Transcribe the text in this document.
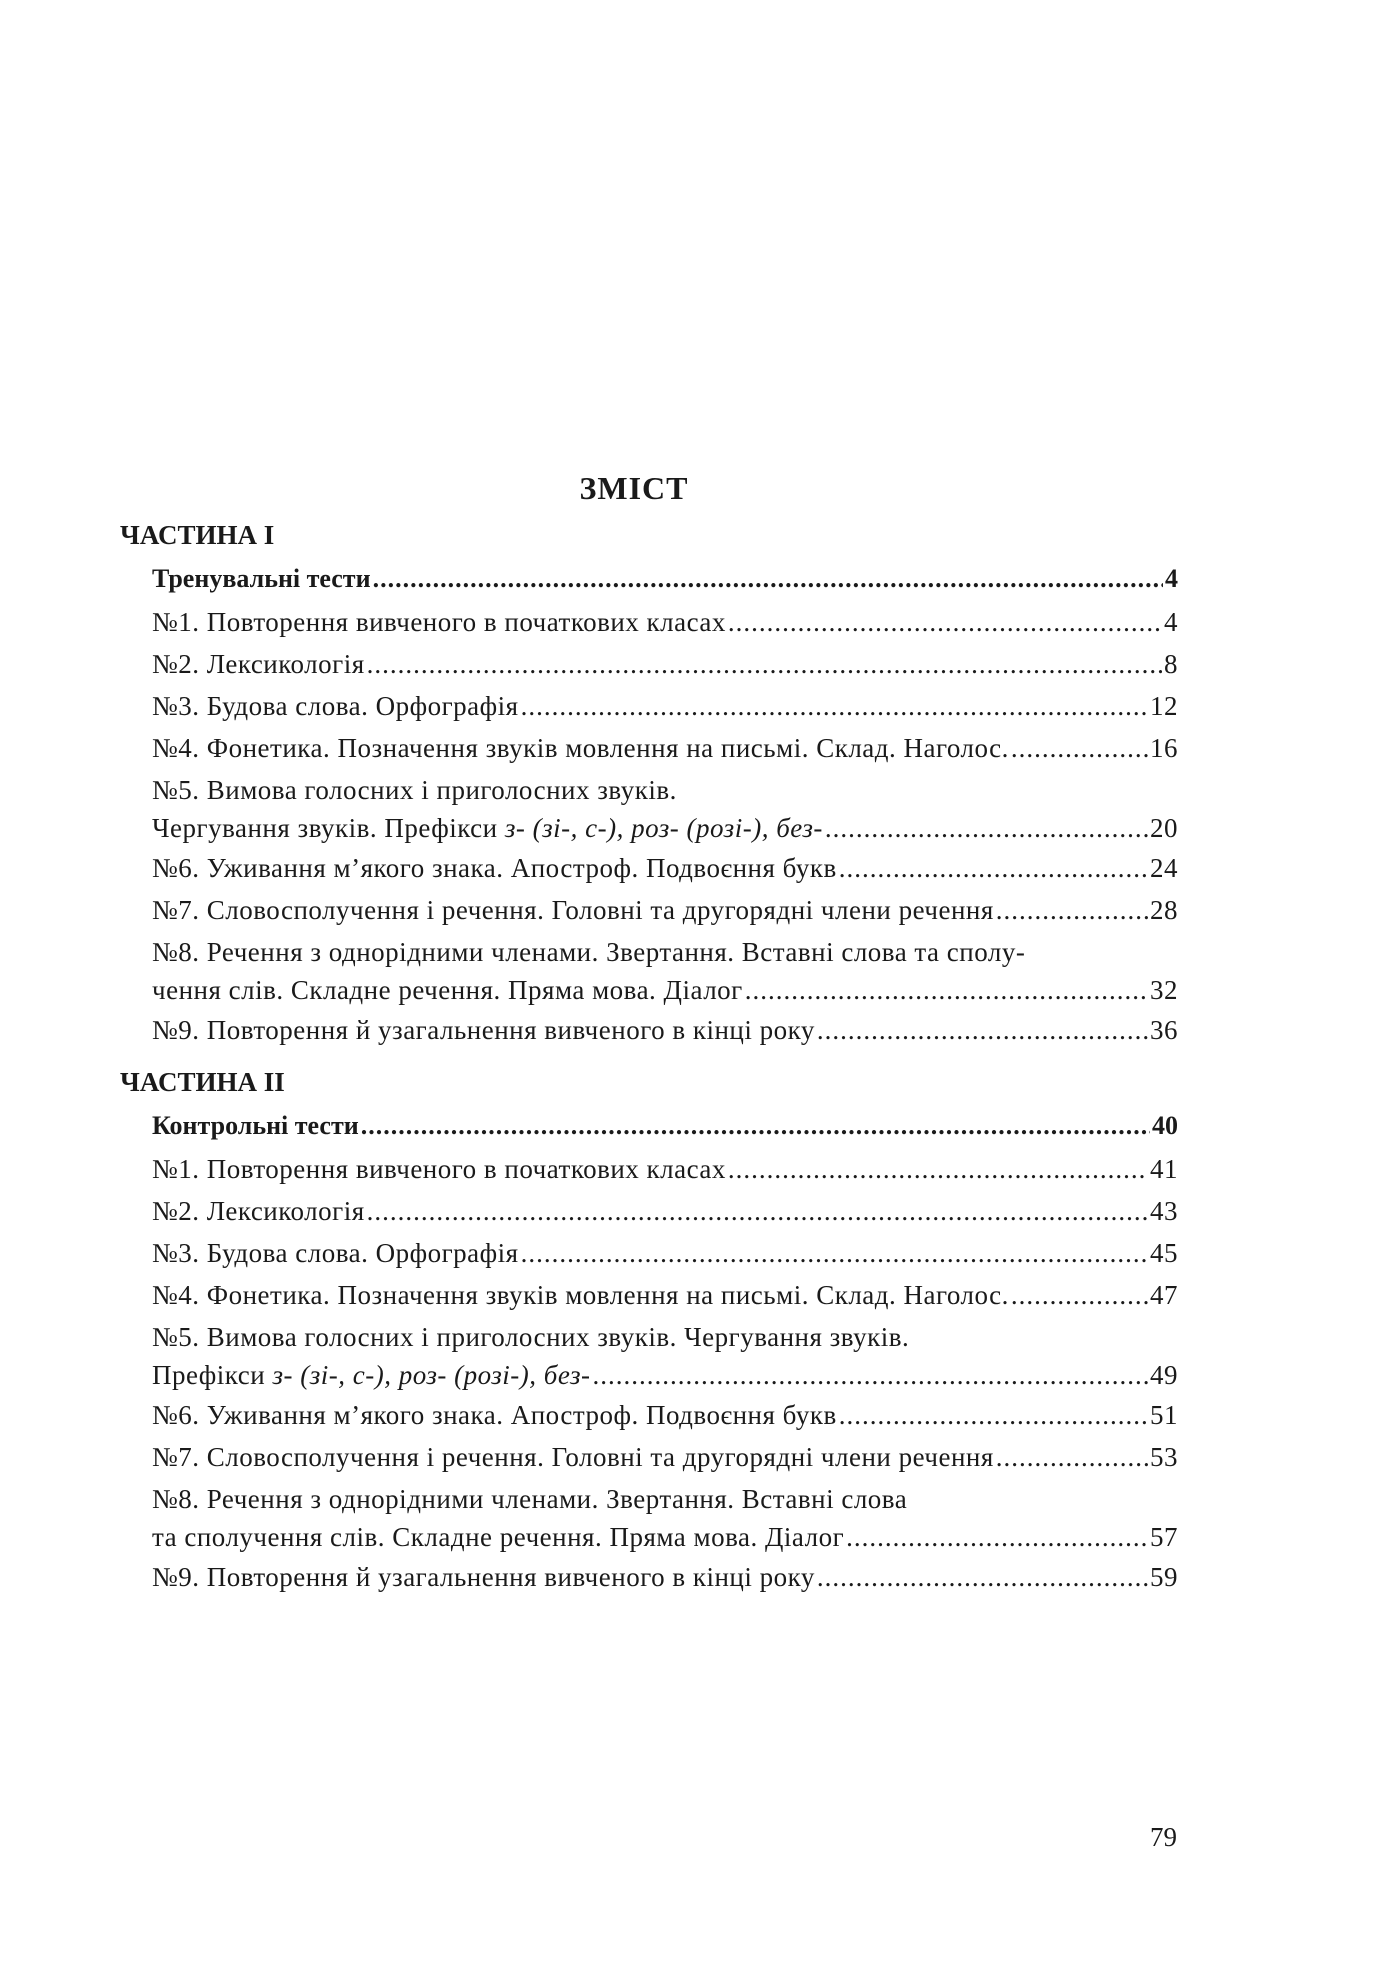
ЗМІСТ
ЧАСТИНА І
Тренувальні тести .....	4
№1. Повторення вивченого в початкових класах .....	4
№2. Лексикологія .....	8
№3. Будова слова. Орфографія .....	12
№4. Фонетика. Позначення звуків мовлення на письмі. Склад. Наголос. .....	16
№5. Вимова голосних і приголосних звуків.
Чергування звуків. Префікси з- (зі-, с-), роз- (розі-), без- .....	20
№6. Уживання м’якого знака. Апостроф. Подвоєння букв .....	24
№7. Словосполучення і речення. Головні та другорядні члени речення .....	28
№8. Речення з однорідними членами. Звертання. Вставні слова та сполу-
чення слів. Складне речення. Пряма мова. Діалог .....	32
№9. Повторення й узагальнення вивченого в кінці року .....	36
ЧАСТИНА ІІ
Контрольні тести .....	40
№1. Повторення вивченого в початкових класах .....	41
№2. Лексикологія .....	43
№3. Будова слова. Орфографія .....	45
№4. Фонетика. Позначення звуків мовлення на письмі. Склад. Наголос. .....	47
№5. Вимова голосних і приголосних звуків. Чергування звуків.
Префікси з- (зі-, с-), роз- (розі-), без- .....	49
№6. Уживання м’якого знака. Апостроф. Подвоєння букв .....	51
№7. Словосполучення і речення. Головні та другорядні члени речення .....	53
№8. Речення з однорідними членами. Звертання. Вставні слова
та сполучення слів. Складне речення. Пряма мова. Діалог .....	57
№9. Повторення й узагальнення вивченого в кінці року .....	59
79
